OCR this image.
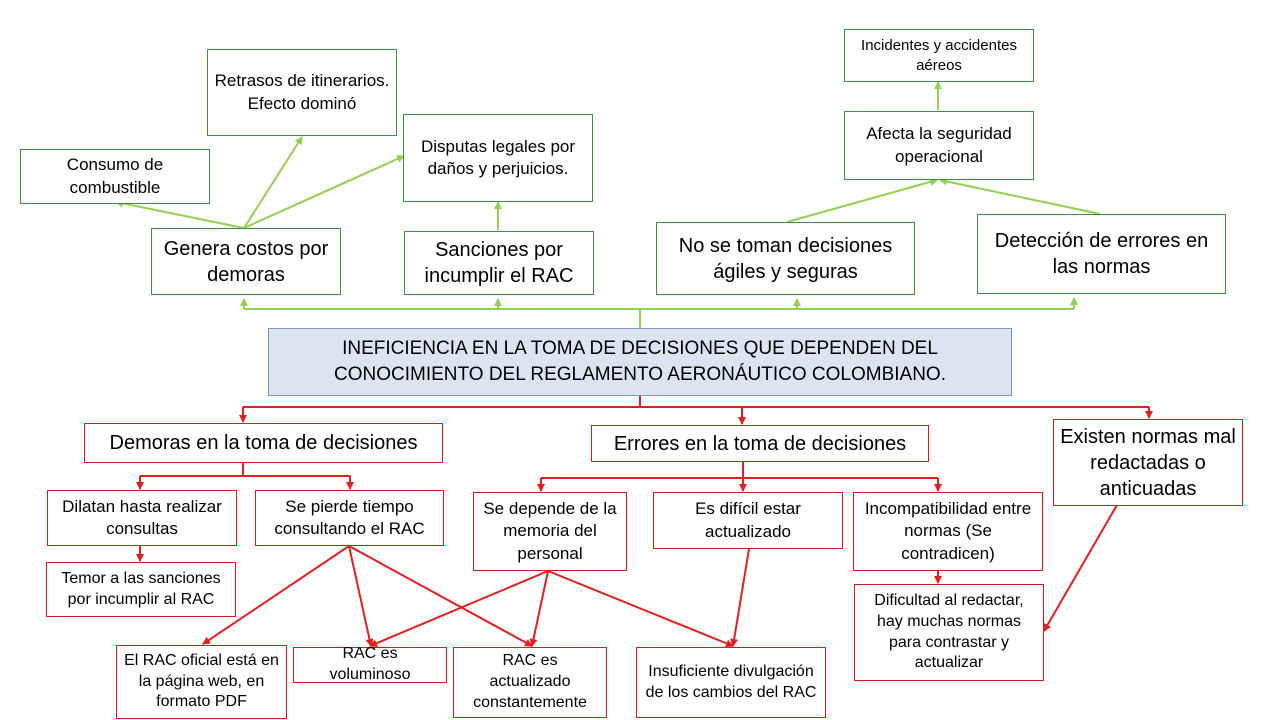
Consumo de combustible
Retrasos de itinerarios. Efecto dominó
Disputas legales por daños y perjuicios.
Incidentes y accidentes aéreos
Afecta la seguridad operacional
Genera costos por demoras
Sanciones por incumplir el RAC
No se toman decisiones ágiles y seguras
Detección de errores en las normas
INEFICIENCIA EN LA TOMA DE DECISIONES QUE DEPENDEN DEL CONOCIMIENTO DEL REGLAMENTO AERONÁUTICO COLOMBIANO.
Demoras en la toma de decisiones	Errores en la toma de decisiones	Existen normas mal redactadas o anticuadas
Dilatan hasta realizar consultas
Se pierde tiempo consultando el RAC
Se depende de la memoria del personal
Es difícil estar actualizado
Incompatibilidad entre normas (Se contradicen)
Temor a las sanciones por incumplir al RAC	Dificultad al redactar, hay muchas normas para contrastar y actualizar
El RAC oficial está en la página web, en formato PDF
RAC es voluminoso
RAC es actualizado constantemente
Insuficiente divulgación de los cambios del RAC
